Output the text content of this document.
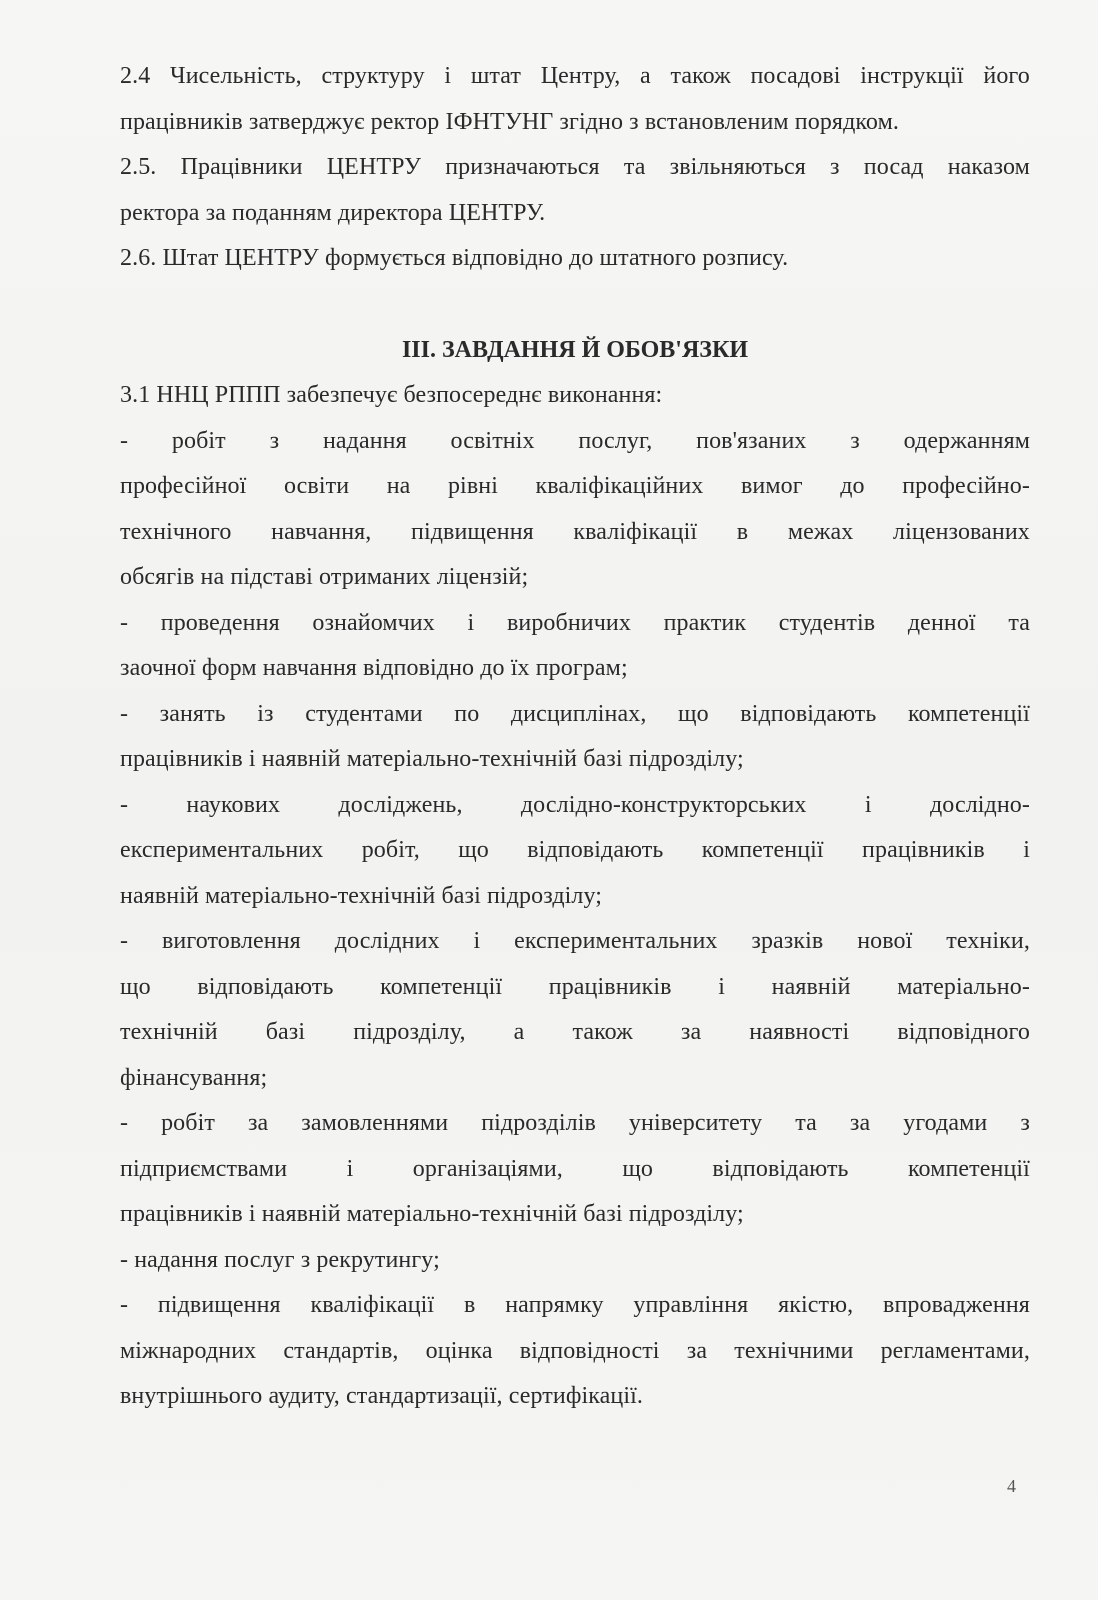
2.4 Чисельність, структуру і штат Центру, а також посадові інструкції його
працівників затверджує ректор ІФНТУНГ згідно з встановленим порядком.
2.5. Працівники ЦЕНТРУ призначаються та звільняються з посад наказом
ректора за поданням директора ЦЕНТРУ.
2.6. Штат ЦЕНТРУ формується відповідно до штатного розпису.
ІІІ. ЗАВДАННЯ Й ОБОВ'ЯЗКИ
3.1 ННЦ РППП забезпечує безпосереднє виконання:
- робіт з надання освітніх послуг, пов'язаних з одержанням
професійної освіти на рівні кваліфікаційних вимог до професійно-
технічного навчання, підвищення кваліфікації в межах ліцензованих
обсягів на підставі отриманих ліцензій;
- проведення ознайомчих і виробничих практик студентів денної та
заочної форм навчання відповідно до їх програм;
- занять із студентами по дисциплінах, що відповідають компетенції
працівників і наявній матеріально-технічній базі підрозділу;
- наукових досліджень, дослідно-конструкторських і дослідно-
експериментальних робіт, що відповідають компетенції працівників і
наявній матеріально-технічній базі підрозділу;
- виготовлення дослідних і експериментальних зразків нової техніки,
що відповідають компетенції працівників і наявній матеріально-
технічній базі підрозділу, а також за наявності відповідного
фінансування;
- робіт за замовленнями підрозділів університету та за угодами з
підприємствами і організаціями, що відповідають компетенції
працівників і наявній матеріально-технічній базі підрозділу;
- надання послуг з рекрутингу;
- підвищення кваліфікації в напрямку управління якістю, впровадження
міжнародних стандартів, оцінка відповідності за технічними регламентами,
внутрішнього аудиту, стандартизації, сертифікації.
4
